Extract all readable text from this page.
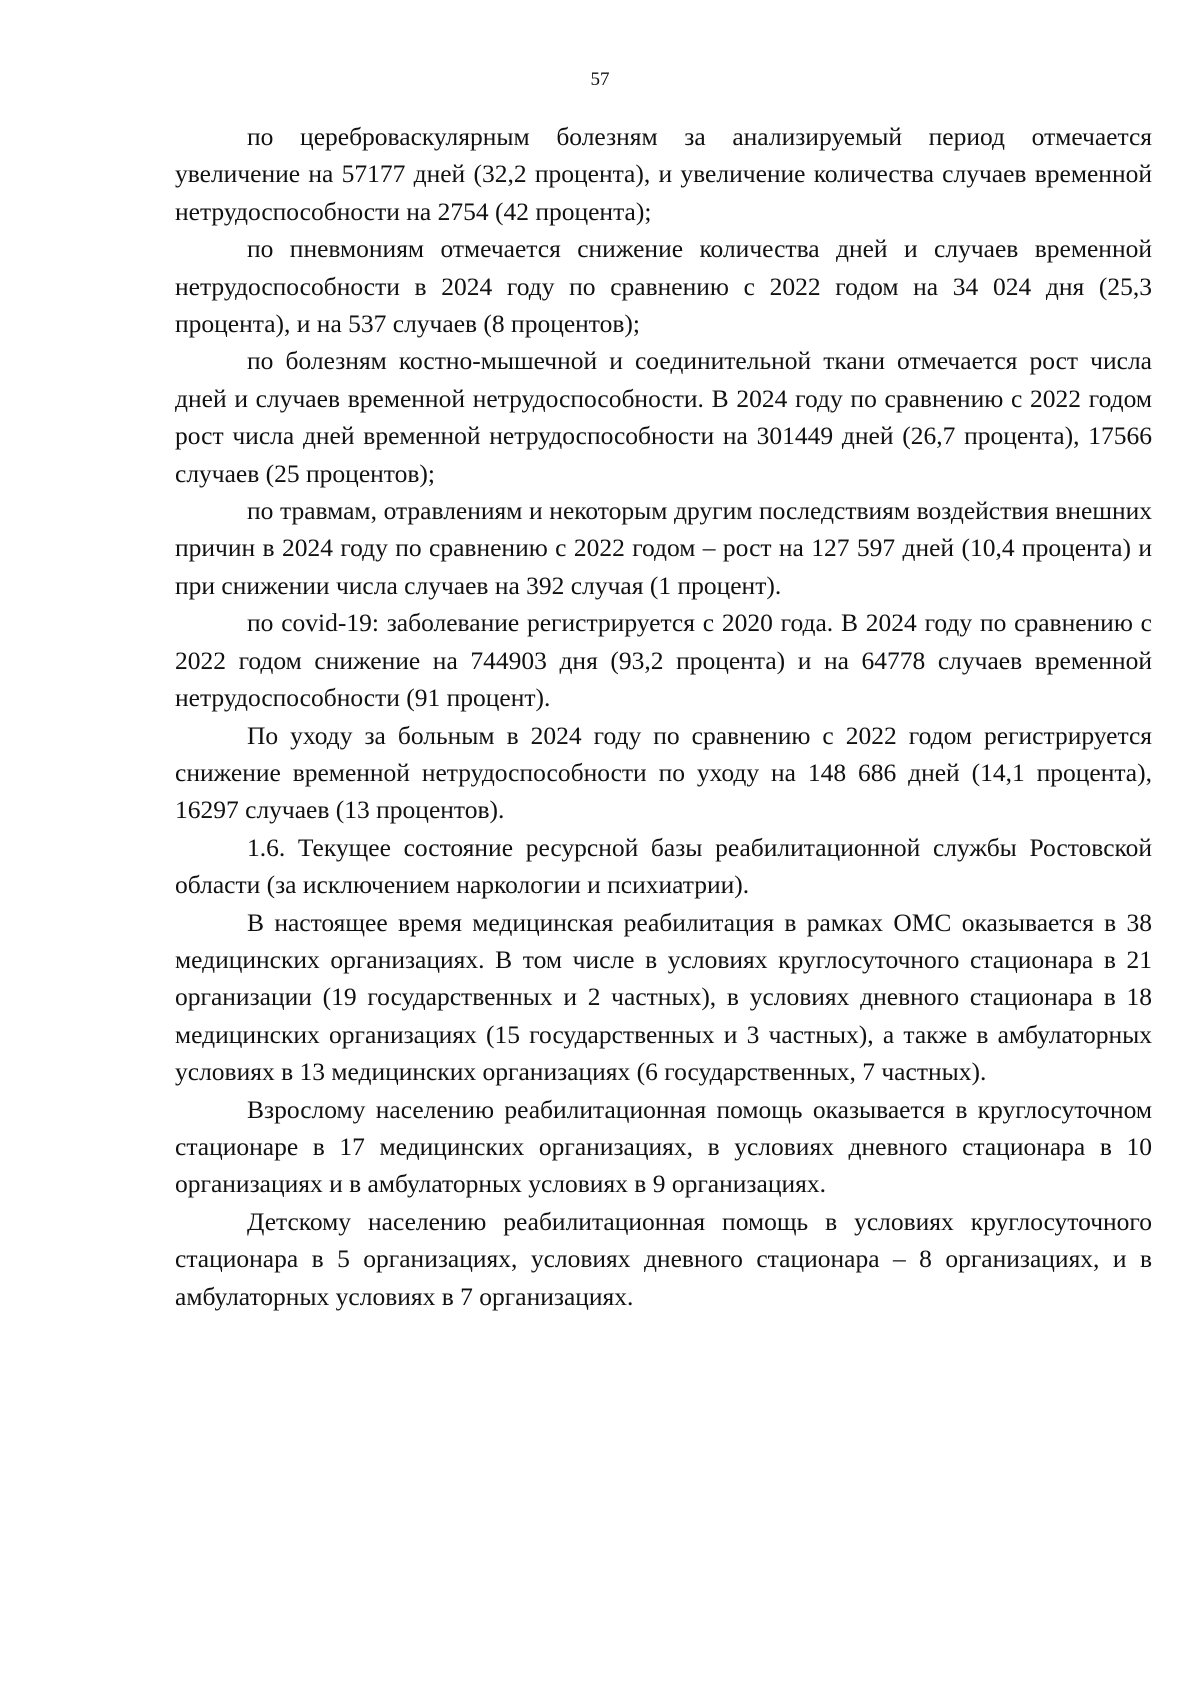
57

по цереброваскулярным болезням за анализируемый период отмечается увеличение на 57177 дней (32,2 процента), и увеличение количества случаев временной нетрудоспособности на 2754 (42 процента);

по пневмониям отмечается снижение количества дней и случаев временной нетрудоспособности в 2024 году по сравнению с 2022 годом на 34 024 дня (25,3 процента), и на 537 случаев (8 процентов);

по болезням костно-мышечной и соединительной ткани отмечается рост числа дней и случаев временной нетрудоспособности. В 2024 году по сравнению с 2022 годом рост числа дней временной нетрудоспособности на 301449 дней (26,7 процента), 17566 случаев (25 процентов);

по травмам, отравлениям и некоторым другим последствиям воздействия внешних причин в 2024 году по сравнению с 2022 годом – рост на 127 597 дней (10,4 процента) и при снижении числа случаев на 392 случая (1 процент).

по covid-19: заболевание регистрируется с 2020 года. В 2024 году по сравнению с 2022 годом снижение на 744903 дня (93,2 процента) и на 64778 случаев временной нетрудоспособности (91 процент).

По уходу за больным в 2024 году по сравнению с 2022 годом регистрируется снижение временной нетрудоспособности по уходу на 148 686 дней (14,1 процента), 16297 случаев (13 процентов).

1.6. Текущее состояние ресурсной базы реабилитационной службы Ростовской области (за исключением наркологии и психиатрии).

В настоящее время медицинская реабилитация в рамках ОМС оказывается в 38 медицинских организациях. В том числе в условиях круглосуточного стационара в 21 организации (19 государственных и 2 частных), в условиях дневного стационара в 18 медицинских организациях (15 государственных и 3 частных), а также в амбулаторных условиях в 13 медицинских организациях (6 государственных, 7 частных).

Взрослому населению реабилитационная помощь оказывается в круглосуточном стационаре в 17 медицинских организациях, в условиях дневного стационара в 10 организациях и в амбулаторных условиях в 9 организациях.

Детскому населению реабилитационная помощь в условиях круглосуточного стационара в 5 организациях, условиях дневного стационара – 8 организациях, и в амбулаторных условиях в 7 организациях.
